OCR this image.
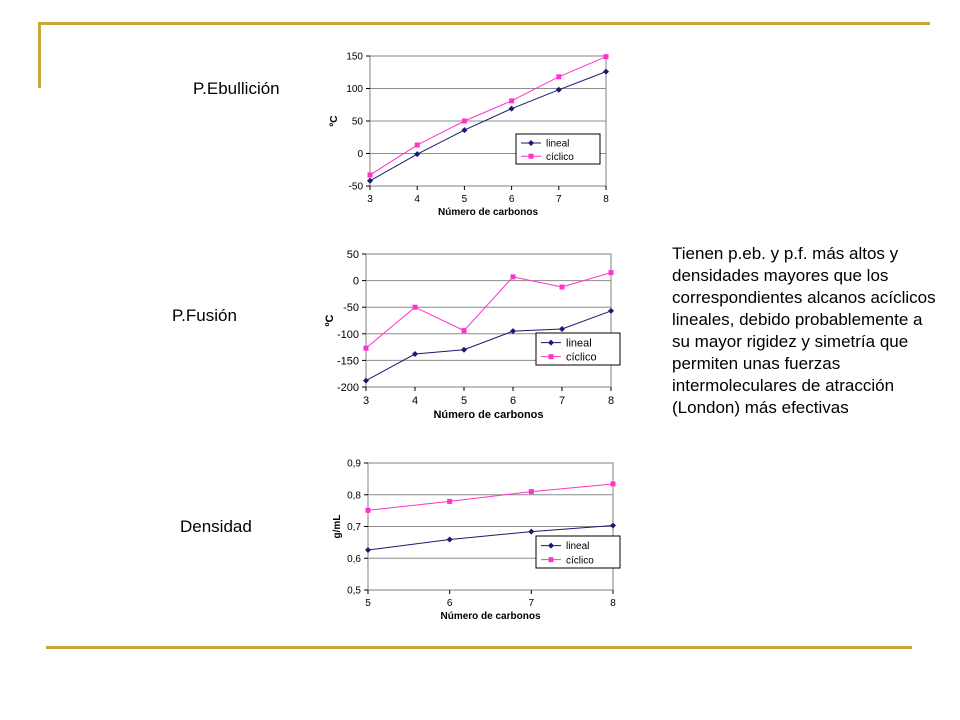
P.Ebullición
P.Fusión
Densidad
-50
0
50
100
150
3	4	5	6	7	8
Número de carbonos
ºC
lineal
cíclico
-200
-150
-100
-50
0
50
3	4	5	6	7	8
Número de carbonos
ºC
lineal
cíclico
0,5
0,6
0,7
0,8
0,9
5	6	7	8
Número de carbonos
g/mL
lineal
cíclico
Tienen p.eb. y p.f. más altos y densidades mayores que los correspondientes alcanos acíclicos lineales, debido probablemente a su mayor rigidez y simetría que permiten unas fuerzas intermoleculares de atracción (London) más efectivas
